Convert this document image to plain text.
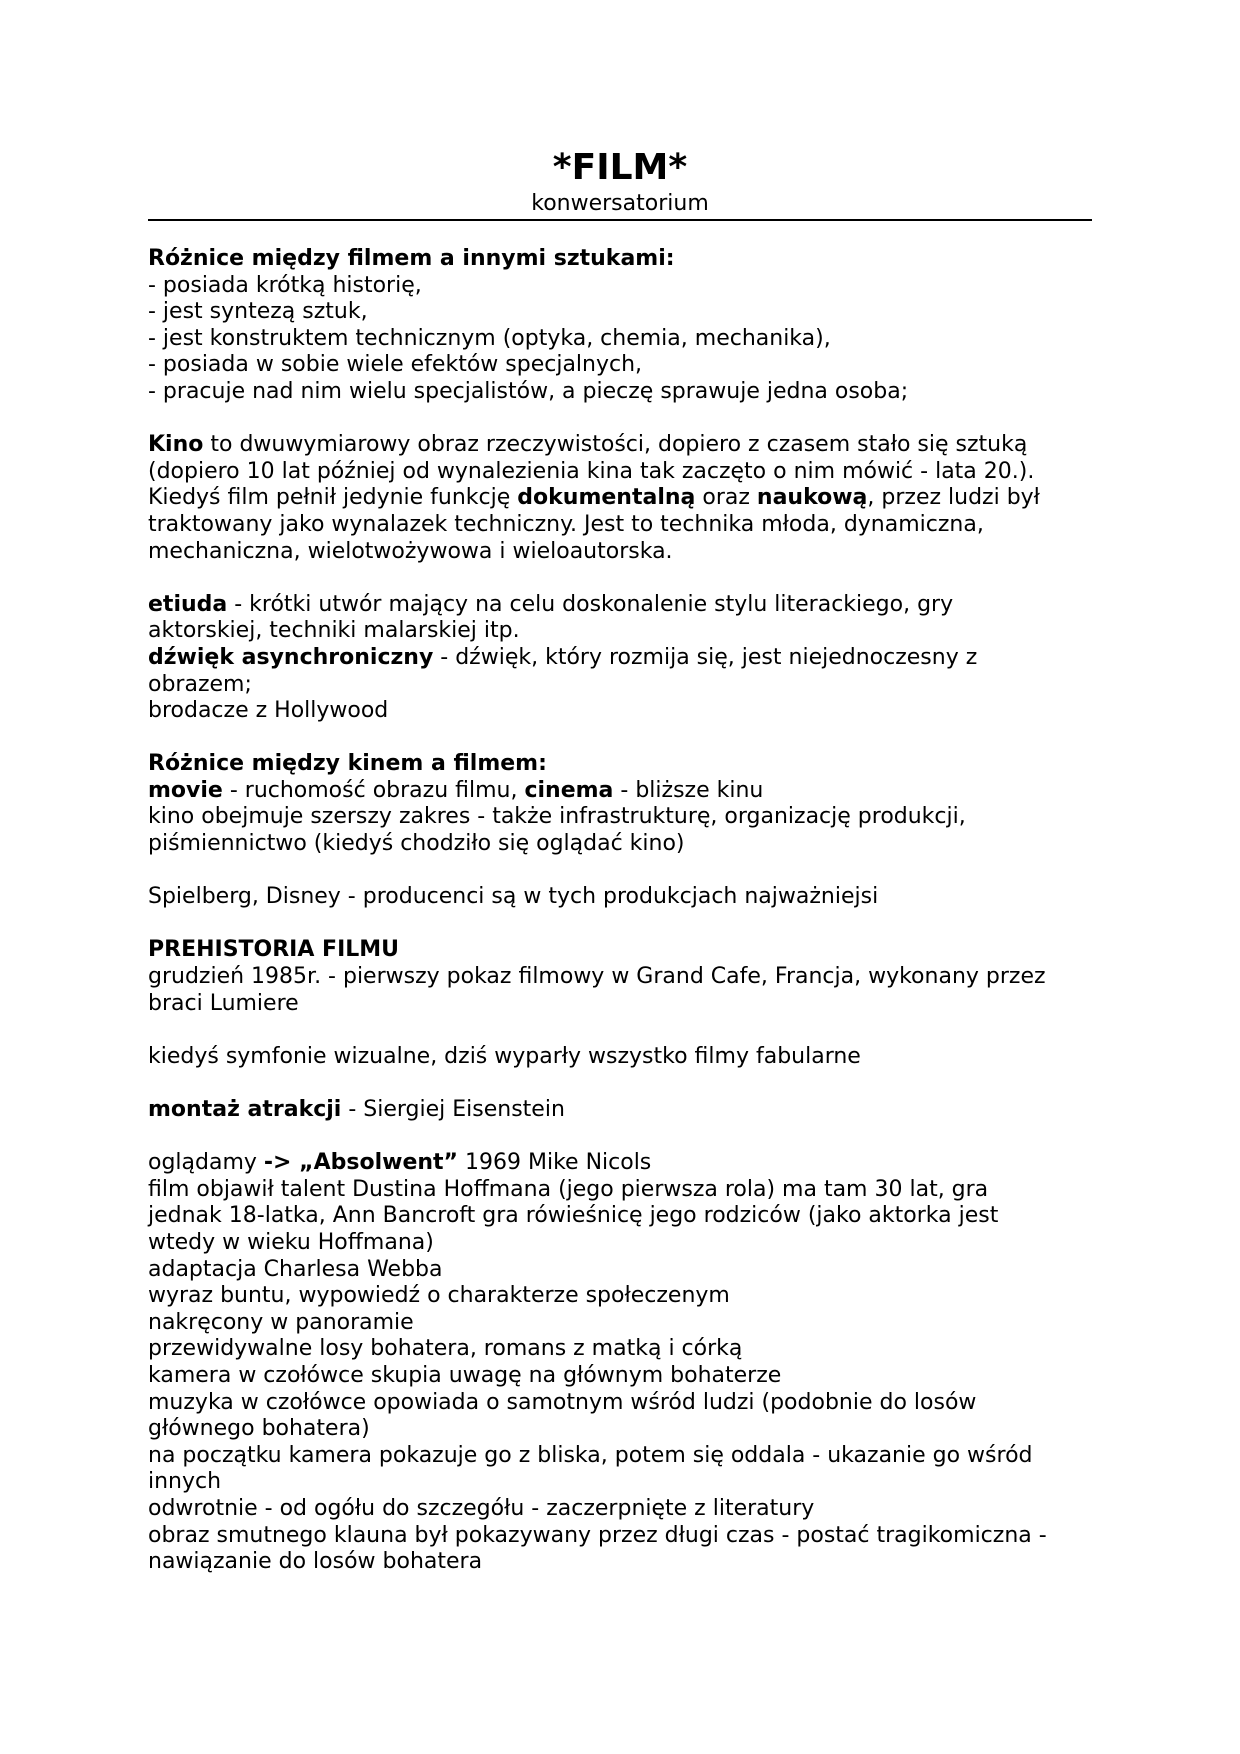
*FILM*
konwersatorium
Różnice między filmem a innymi sztukami:
- posiada krótką historię,
- jest syntezą sztuk,
- jest konstruktem technicznym (optyka, chemia, mechanika),
- posiada w sobie wiele efektów specjalnych,
- pracuje nad nim wielu specjalistów, a pieczę sprawuje jedna osoba;
Kino to dwuwymiarowy obraz rzeczywistości, dopiero z czasem stało się sztuką
(dopiero 10 lat później od wynalezienia kina tak zaczęto o nim mówić - lata 20.).
Kiedyś film pełnił jedynie funkcję dokumentalną oraz naukową, przez ludzi był
traktowany jako wynalazek techniczny. Jest to technika młoda, dynamiczna,
mechaniczna, wielotwożywowa i wieloautorska.
etiuda - krótki utwór mający na celu doskonalenie stylu literackiego, gry
aktorskiej, techniki malarskiej itp.
dźwięk asynchroniczny - dźwięk, który rozmija się, jest niejednoczesny z
obrazem;
brodacze z Hollywood
Różnice między kinem a filmem:
movie - ruchomość obrazu filmu, cinema - bliższe kinu
kino obejmuje szerszy zakres - także infrastrukturę, organizację produkcji,
piśmiennictwo (kiedyś chodziło się oglądać kino)
Spielberg, Disney - producenci są w tych produkcjach najważniejsi
PREHISTORIA FILMU
grudzień 1985r. - pierwszy pokaz filmowy w Grand Cafe, Francja, wykonany przez
braci Lumiere
kiedyś symfonie wizualne, dziś wyparły wszystko filmy fabularne
montaż atrakcji - Siergiej Eisenstein
oglądamy -> „Absolwent” 1969 Mike Nicols
film objawił talent Dustina Hoffmana (jego pierwsza rola) ma tam 30 lat, gra
jednak 18-latka, Ann Bancroft gra rówieśnicę jego rodziców (jako aktorka jest
wtedy w wieku Hoffmana)
adaptacja Charlesa Webba
wyraz buntu, wypowiedź o charakterze społeczenym
nakręcony w panoramie
przewidywalne losy bohatera, romans z matką i córką
kamera w czołówce skupia uwagę na głównym bohaterze
muzyka w czołówce opowiada o samotnym wśród ludzi (podobnie do losów
głównego bohatera)
na początku kamera pokazuje go z bliska, potem się oddala - ukazanie go wśród
innych
odwrotnie - od ogółu do szczegółu - zaczerpnięte z literatury
obraz smutnego klauna był pokazywany przez długi czas - postać tragikomiczna -
nawiązanie do losów bohatera
